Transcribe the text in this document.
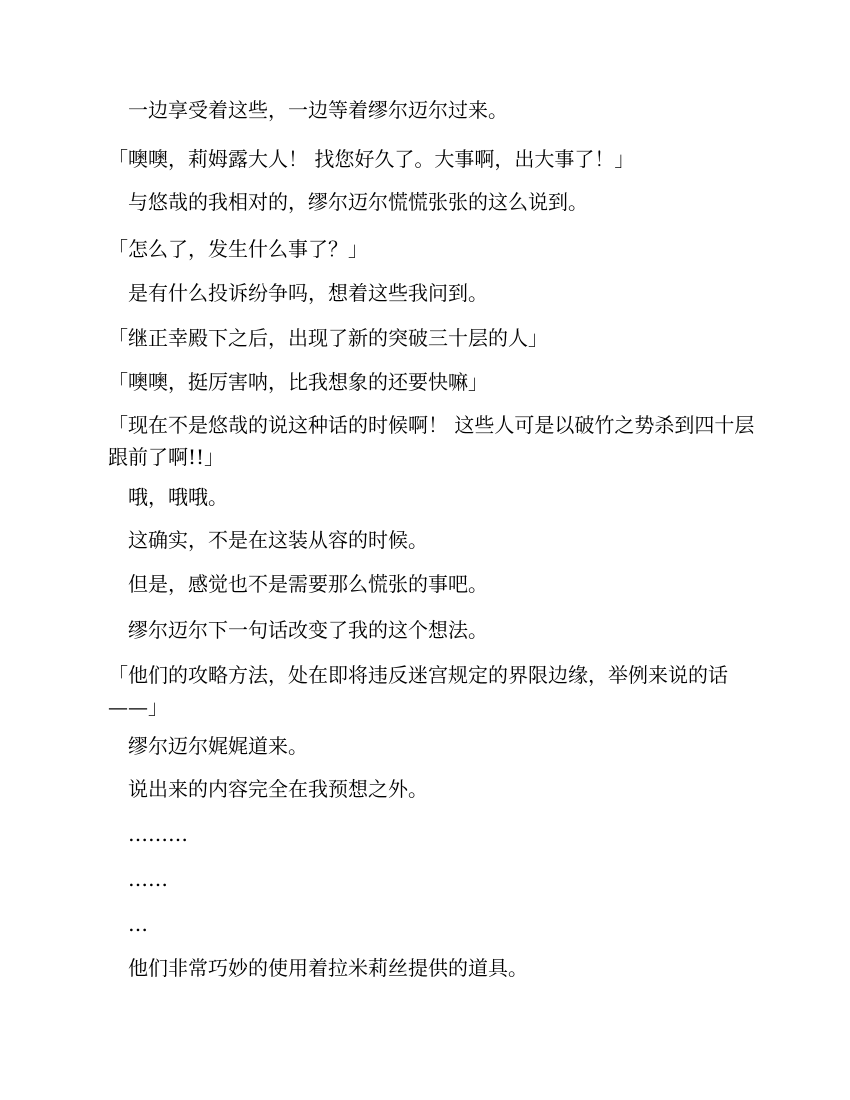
　一边享受着这些，一边等着缪尔迈尔过来。

「噢噢，莉姆露大人！ 找您好久了。大事啊，出大事了！」

　与悠哉的我相对的，缪尔迈尔慌慌张张的这么说到。

「怎么了，发生什么事了？」

　是有什么投诉纷争吗，想着这些我问到。

「继正幸殿下之后，出现了新的突破三十层的人」

「噢噢，挺厉害呐，比我想象的还要快嘛」

「现在不是悠哉的说这种话的时候啊！ 这些人可是以破竹之势杀到四十层跟前了啊!!」

　哦，哦哦。

　这确实，不是在这装从容的时候。

　但是，感觉也不是需要那么慌张的事吧。

　缪尔迈尔下一句话改变了我的这个想法。

「他们的攻略方法，处在即将违反迷宫规定的界限边缘，举例来说的话——」

　缪尔迈尔娓娓道来。

　说出来的内容完全在我预想之外。

　………

　……

　…

　他们非常巧妙的使用着拉米莉丝提供的道具。
